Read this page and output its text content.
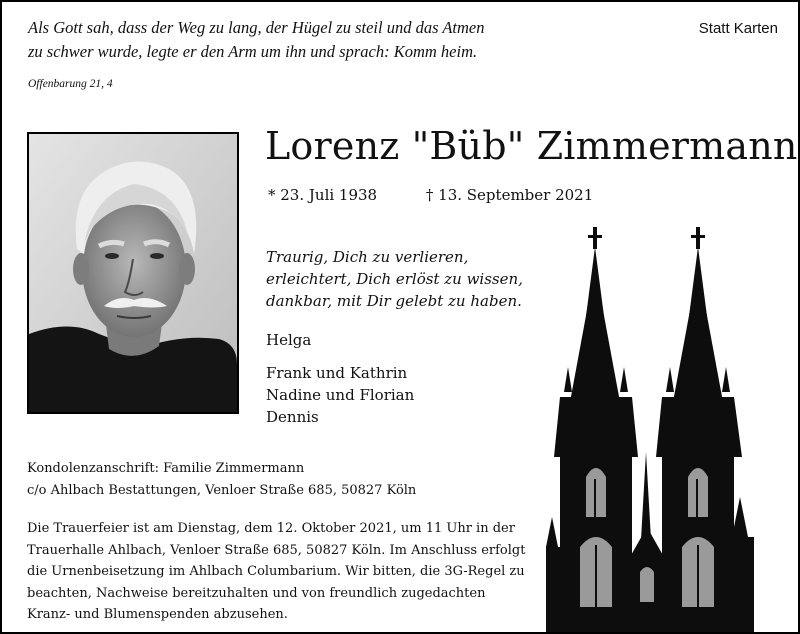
Als Gott sah, dass der Weg zu lang, der Hügel zu steil und das Atmen
zu schwer wurde, legte er den Arm um ihn und sprach: Komm heim.
Offenbarung 21, 4
Statt Karten
Lorenz "Büb" Zimmermann
* 23. Juli 1938	† 13. September 2021
Traurig, Dich zu verlieren,
erleichtert, Dich erlöst zu wissen,
dankbar, mit Dir gelebt zu haben.
Helga
Frank und Kathrin
Nadine und Florian
Dennis
Kondolenzanschrift: Familie Zimmermann
c/o Ahlbach Bestattungen, Venloer Straße 685, 50827 Köln
Die Trauerfeier ist am Dienstag, dem 12. Oktober 2021, um 11 Uhr in der
Trauerhalle Ahlbach, Venloer Straße 685, 50827 Köln. Im Anschluss erfolgt
die Urnenbeisetzung im Ahlbach Columbarium. Wir bitten, die 3G-Regel zu
beachten, Nachweise bereitzuhalten und von freundlich zugedachten
Kranz- und Blumenspenden abzusehen.
